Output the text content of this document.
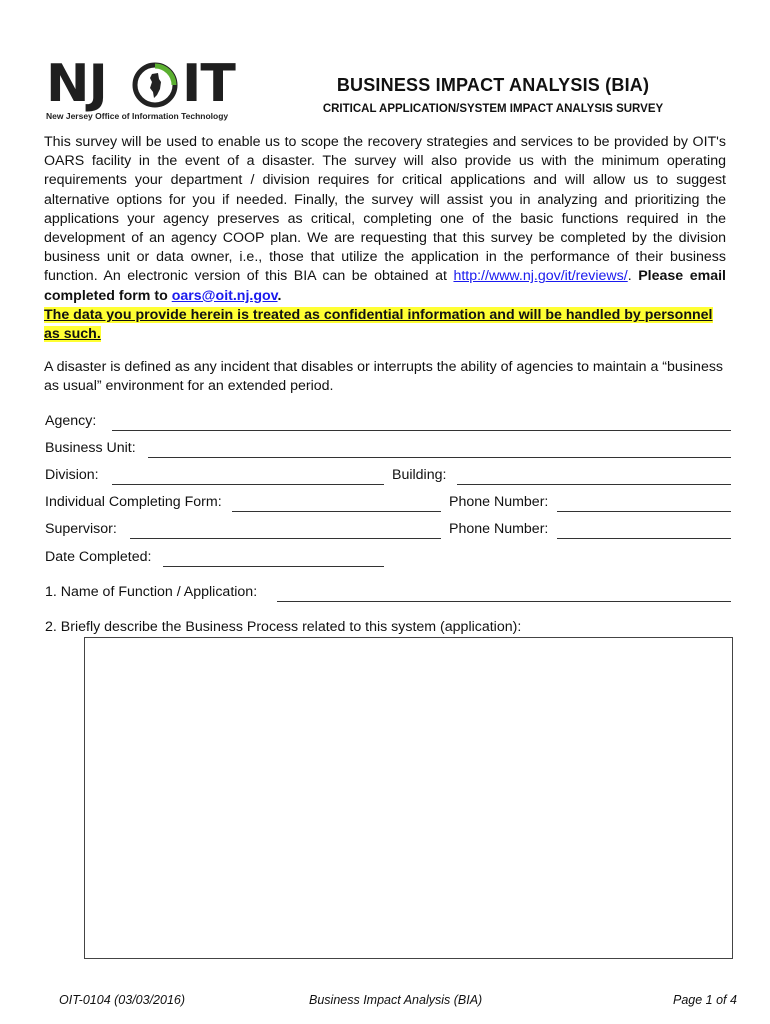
NJ IT
New Jersey Office of Information Technology
BUSINESS IMPACT ANALYSIS (BIA)
CRITICAL APPLICATION/SYSTEM IMPACT ANALYSIS SURVEY
This survey will be used to enable us to scope the recovery strategies and services to be provided by OIT's OARS facility in the event of a disaster. The survey will also provide us with the minimum operating requirements your department / division requires for critical applications and will allow us to suggest alternative options for you if needed. Finally, the survey will assist you in analyzing and prioritizing the applications your agency preserves as critical, completing one of the basic functions required in the development of an agency COOP plan. We are requesting that this survey be completed by the division business unit or data owner, i.e., those that utilize the application in the performance of their business function. An electronic version of this BIA can be obtained at http://www.nj.gov/it/reviews/. Please email completed form to oars@oit.nj.gov.
The data you provide herein is treated as confidential information and will be handled by personnel as such.
A disaster is defined as any incident that disables or interrupts the ability of agencies to maintain a “business as usual” environment for an extended period.
Agency:
Business Unit:
Division:	Building:
Individual Completing Form:	Phone Number:
Supervisor:	Phone Number:
Date Completed:
1. Name of Function / Application:
2. Briefly describe the Business Process related to this system (application):
OIT-0104 (03/03/2016)	Business Impact Analysis (BIA)	Page 1 of 4
